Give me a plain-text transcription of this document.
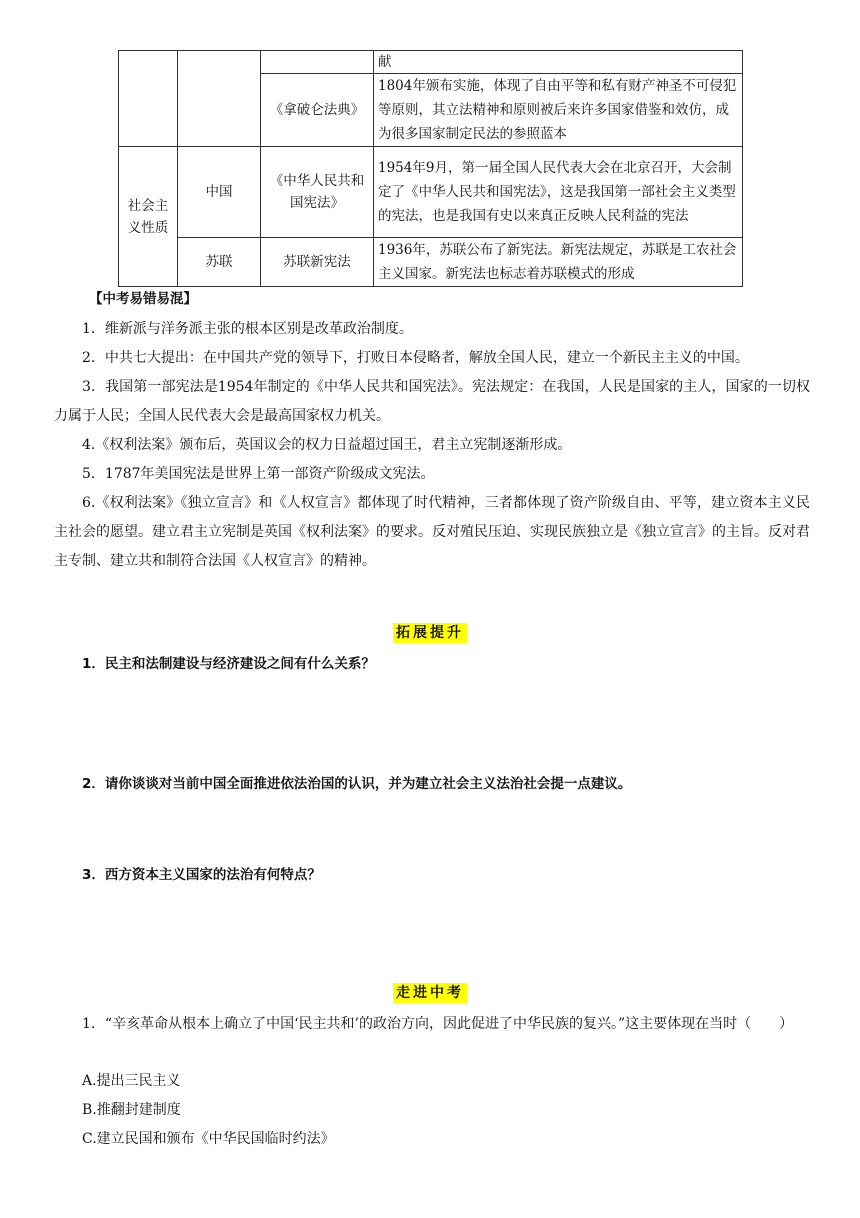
			献
		《拿破仑法典》	1804年颁布实施，体现了自由平等和私有财产神圣不可侵犯等原则，其立法精神和原则被后来许多国家借鉴和效仿，成为很多国家制定民法的参照蓝本
社会主义性质	中国	《中华人民共和国宪法》	1954年9月，第一届全国人民代表大会在北京召开，大会制定了《中华人民共和国宪法》，这是我国第一部社会主义类型的宪法，也是我国有史以来真正反映人民利益的宪法
	苏联	苏联新宪法	1936年，苏联公布了新宪法。新宪法规定，苏联是工农社会主义国家。新宪法也标志着苏联模式的形成
【中考易错易混】
1．维新派与洋务派主张的根本区别是改革政治制度。
2．中共七大提出：在中国共产党的领导下，打败日本侵略者，解放全国人民，建立一个新民主主义的中国。
3．我国第一部宪法是1954年制定的《中华人民共和国宪法》。宪法规定：在我国，人民是国家的主人，国家的一切权力属于人民；全国人民代表大会是最高国家权力机关。
4.《权利法案》颁布后，英国议会的权力日益超过国王，君主立宪制逐渐形成。
5．1787年美国宪法是世界上第一部资产阶级成文宪法。
6.《权利法案》《独立宣言》和《人权宣言》都体现了时代精神，三者都体现了资产阶级自由、平等，建立资本主义民主社会的愿望。建立君主立宪制是英国《权利法案》的要求。反对殖民压迫、实现民族独立是《独立宣言》的主旨。反对君主专制、建立共和制符合法国《人权宣言》的精神。
拓展提升
1．民主和法制建设与经济建设之间有什么关系？
2．请你谈谈对当前中国全面推进依法治国的认识，并为建立社会主义法治社会提一点建议。
3．西方资本主义国家的法治有何特点？
走进中考
1．“辛亥革命从根本上确立了中国‘民主共和’的政治方向，因此促进了中华民族的复兴。”这主要体现在当时（　　）
A.提出三民主义
B.推翻封建制度
C.建立民国和颁布《中华民国临时约法》
